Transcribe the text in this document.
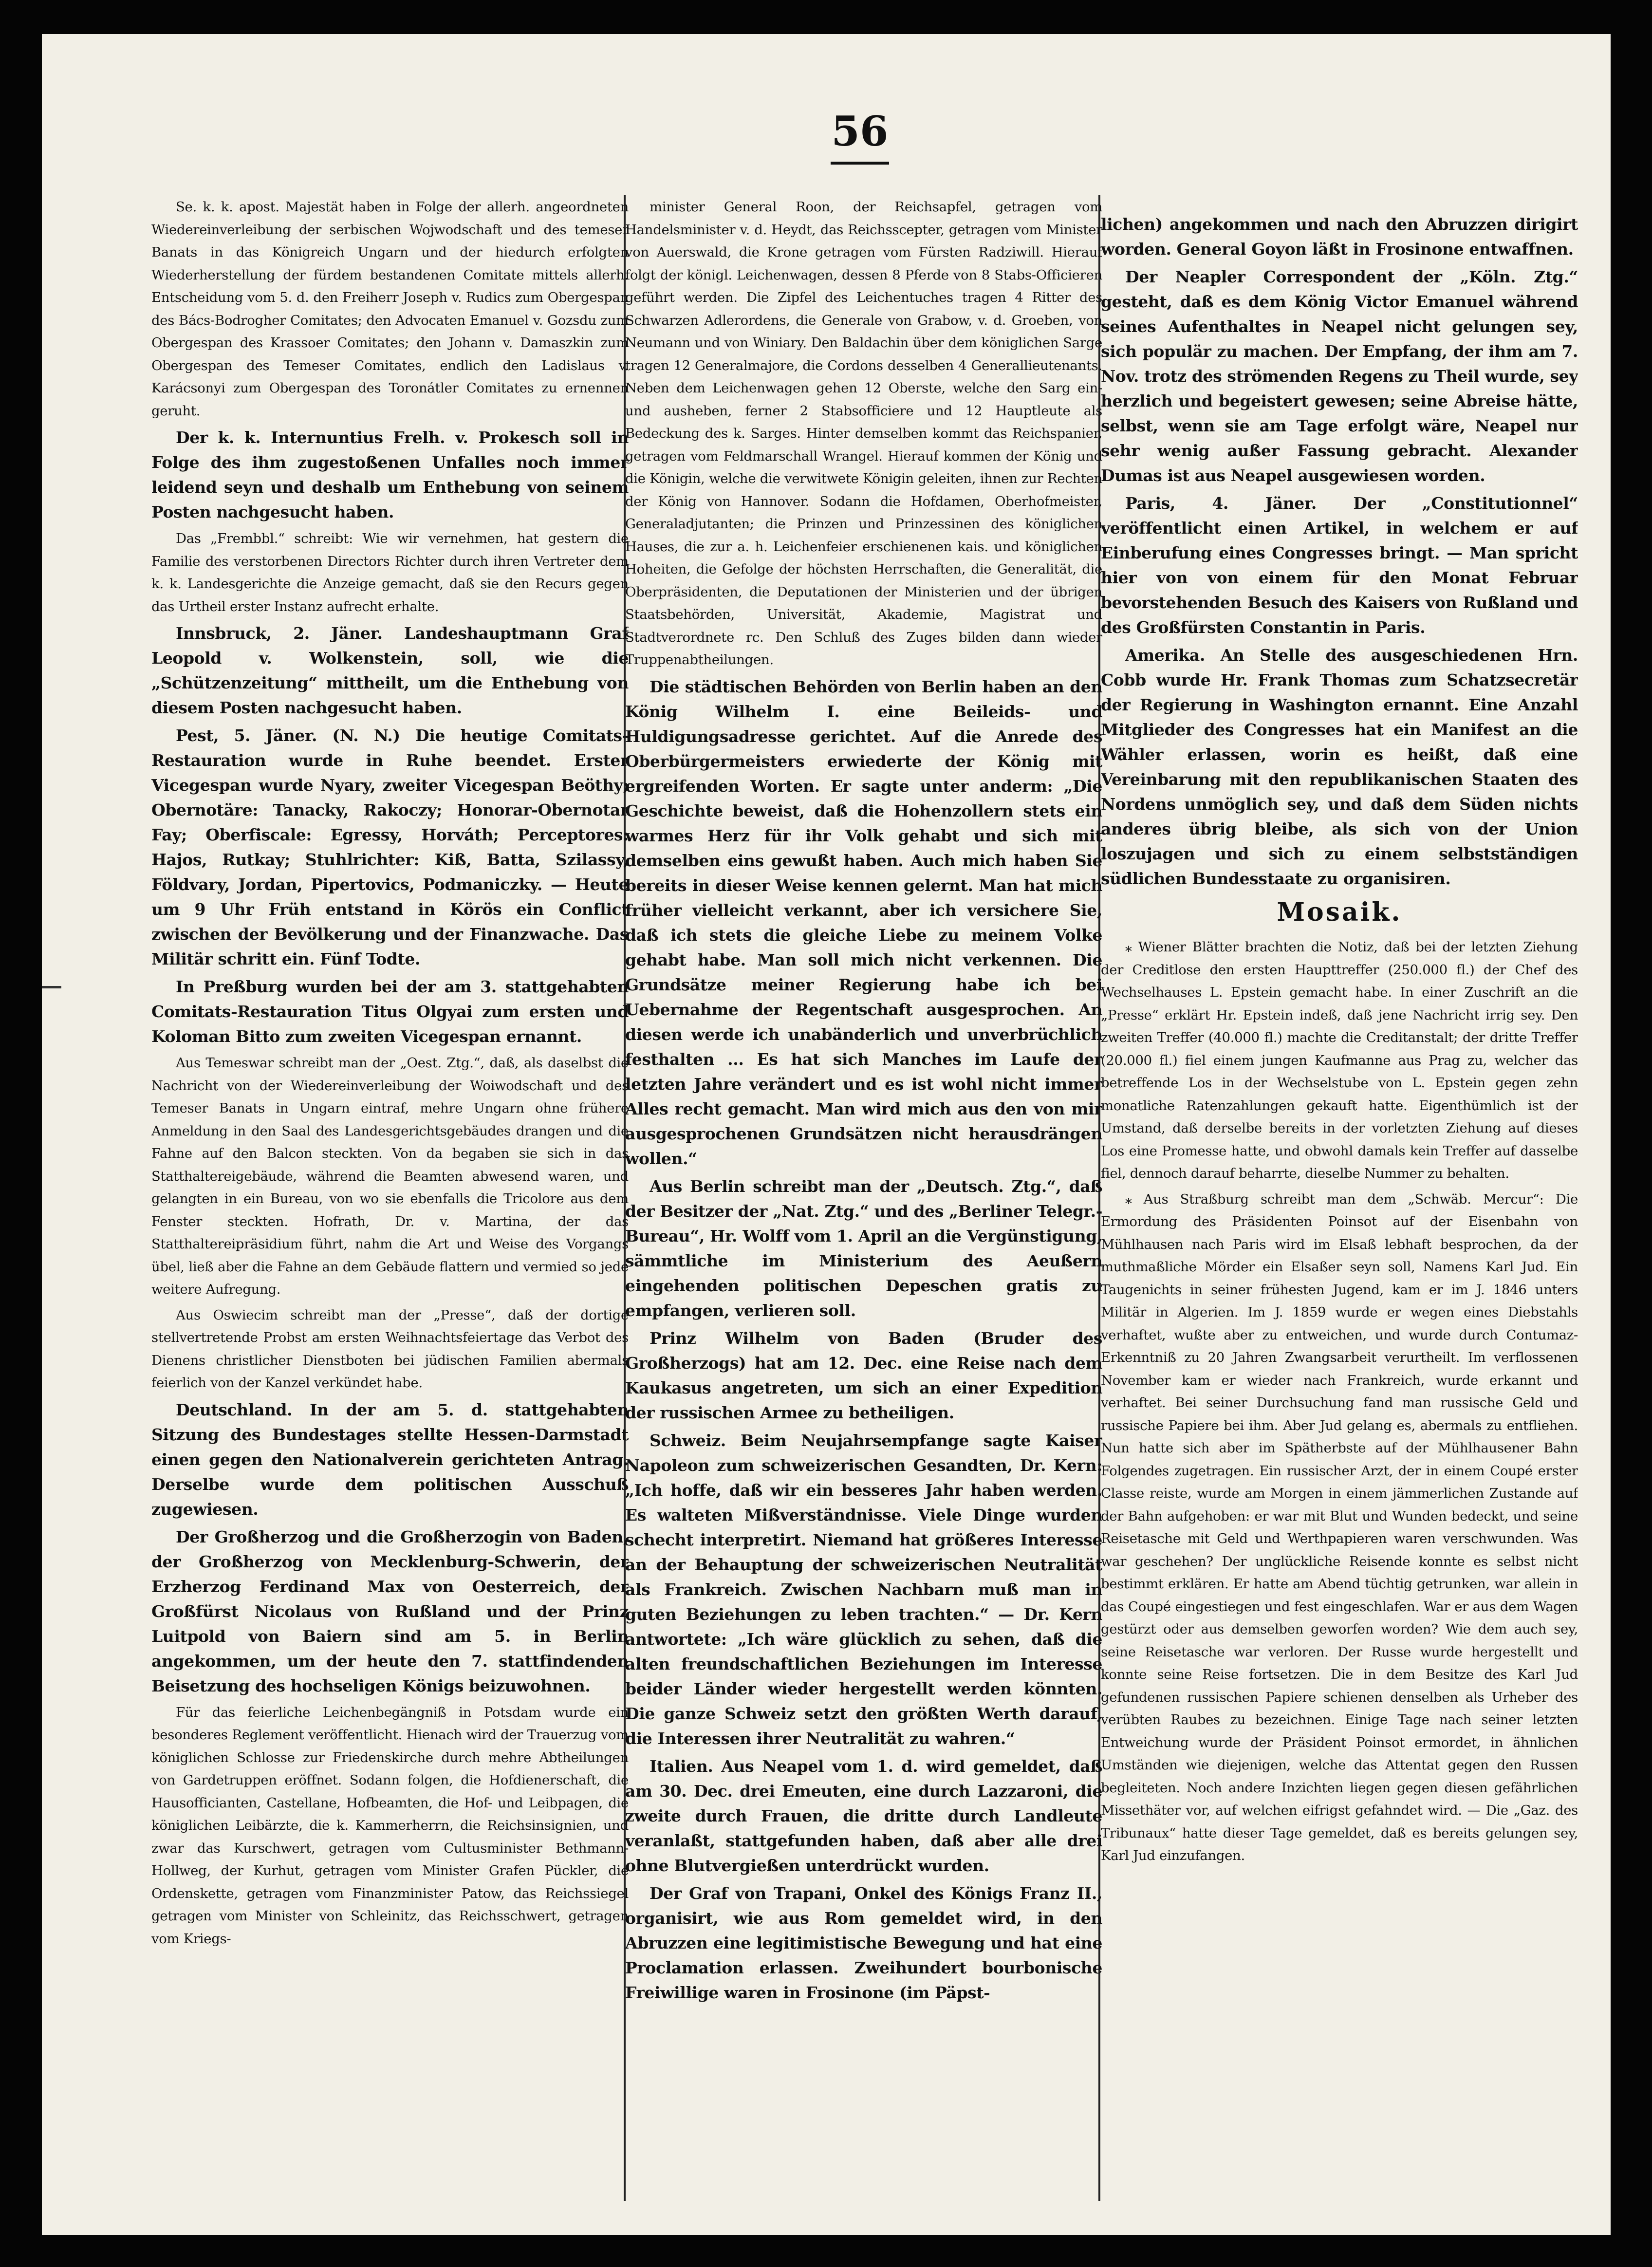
56

Se. k. k. apost. Majestät haben in Folge der allerh. angeordneten Wiedereinverleibung der serbischen Wojwodschaft und des temeser Banats in das Königreich Ungarn und der hiedurch erfolgten Wiederherstellung der fürdem bestandenen Comitate mittels allerh. Entscheidung vom 5. d. den Freiherr Joseph v. Rudics zum Obergespan des Bács-Bodrogher Comitates; den Advocaten Emanuel v. Gozsdu zum Obergespan des Krassoer Comitates; den Johann v. Damaszkin zum Obergespan des Temeser Comitates, endlich den Ladislaus v. Karácsonyi zum Obergespan des Toronátler Comitates zu ernennen geruht.

Der k. k. Internuntius Frelh. v. Prokesch soll in Folge des ihm zugestoßenen Unfalles noch immer leidend seyn und deshalb um Enthebung von seinem Posten nachgesucht haben.

Das „Frembbl.“ schreibt: Wie wir vernehmen, hat gestern die Familie des verstorbenen Directors Richter durch ihren Vertreter dem k. k. Landesgerichte die Anzeige gemacht, daß sie den Recurs gegen das Urtheil erster Instanz aufrecht erhalte.

Innsbruck, 2. Jäner. Landeshauptmann Graf Leopold v. Wolkenstein, soll, wie die „Schützenzeitung“ mittheilt, um die Enthebung von diesem Posten nachgesucht haben.

Pest, 5. Jäner. (N. N.) Die heutige Comitats-Restauration wurde in Ruhe beendet. Erster Vicegespan wurde Nyary, zweiter Vicegespan Beöthy; Obernotäre: Tanacky, Rakoczy; Honorar-Obernotar Fay; Oberfiscale: Egressy, Horváth; Perceptores: Hajos, Rutkay; Stuhlrichter: Kiß, Batta, Szilassy, Földvary, Jordan, Pipertovics, Podmaniczky. — Heute um 9 Uhr Früh entstand in Körös ein Conflict zwischen der Bevölkerung und der Finanzwache. Das Militär schritt ein. Fünf Todte.

In Preßburg wurden bei der am 3. stattgehabten Comitats-Restauration Titus Olgyai zum ersten und Koloman Bitto zum zweiten Vicegespan ernannt.

Aus Temeswar schreibt man der „Oest. Ztg.“, daß, als daselbst die Nachricht von der Wiedereinverleibung der Woiwodschaft und des Temeser Banats in Ungarn eintraf, mehre Ungarn ohne frühere Anmeldung in den Saal des Landesgerichtsgebäudes drangen und die Fahne auf den Balcon steckten. Von da begaben sie sich in das Statthaltereigebäude, während die Beamten abwesend waren, und gelangten in ein Bureau, von wo sie ebenfalls die Tricolore aus dem Fenster steckten. Hofrath, Dr. v. Martina, der das Statthaltereipräsidium führt, nahm die Art und Weise des Vorgangs übel, ließ aber die Fahne an dem Gebäude flattern und vermied so jede weitere Aufregung.

Aus Oswiecim schreibt man der „Presse“, daß der dortige stellvertretende Probst am ersten Weihnachtsfeiertage das Verbot des Dienens christlicher Dienstboten bei jüdischen Familien abermals feierlich von der Kanzel verkündet habe.

Deutschland. In der am 5. d. stattgehabten Sitzung des Bundestages stellte Hessen-Darmstadt einen gegen den Nationalverein gerichteten Antrag. Derselbe wurde dem politischen Ausschuß zugewiesen.

Der Großherzog und die Großherzogin von Baden, der Großherzog von Mecklenburg-Schwerin, der Erzherzog Ferdinand Max von Oesterreich, der Großfürst Nicolaus von Rußland und der Prinz Luitpold von Baiern sind am 5. in Berlin angekommen, um der heute den 7. stattfindenden Beisetzung des hochseligen Königs beizuwohnen.

Für das feierliche Leichenbegängniß in Potsdam wurde ein besonderes Reglement veröffentlicht. Hienach wird der Trauerzug vom königlichen Schlosse zur Friedenskirche durch mehre Abtheilungen von Gardetruppen eröffnet. Sodann folgen, die Hofdienerschaft, die Hausofficianten, Castellane, Hofbeamten, die Hof- und Leibpagen, die königlichen Leibärzte, die k. Kammerherrn, die Reichsinsignien, und zwar das Kurschwert, getragen vom Cultusminister Bethmann-Hollweg, der Kurhut, getragen vom Minister Grafen Pückler, die Ordenskette, getragen vom Finanzminister Patow, das Reichssiegel getragen vom Minister von Schleinitz, das Reichsschwert, getragen vom Kriegs-

minister General Roon, der Reichsapfel, getragen vom Handelsminister v. d. Heydt, das Reichsscepter, getragen vom Minister von Auerswald, die Krone getragen vom Fürsten Radziwill. Hierauf folgt der königl. Leichenwagen, dessen 8 Pferde von 8 Stabs-Officieren geführt werden. Die Zipfel des Leichentuches tragen 4 Ritter des Schwarzen Adlerordens, die Generale von Grabow, v. d. Groeben, von Neumann und von Winiary. Den Baldachin über dem königlichen Sarge tragen 12 Generalmajore, die Cordons desselben 4 Generallieutenants. Neben dem Leichenwagen gehen 12 Oberste, welche den Sarg ein- und ausheben, ferner 2 Stabsofficiere und 12 Hauptleute als Bedeckung des k. Sarges. Hinter demselben kommt das Reichspanier, getragen vom Feldmarschall Wrangel. Hierauf kommen der König und die Königin, welche die verwitwete Königin geleiten, ihnen zur Rechten der König von Hannover. Sodann die Hofdamen, Oberhofmeister, Generaladjutanten; die Prinzen und Prinzessinen des königlichen Hauses, die zur a. h. Leichenfeier erschienenen kais. und königlichen Hoheiten, die Gefolge der höchsten Herrschaften, die Generalität, die Oberpräsidenten, die Deputationen der Ministerien und der übrigen Staatsbehörden, Universität, Akademie, Magistrat und Stadtverordnete rc. Den Schluß des Zuges bilden dann wieder Truppenabtheilungen.

Die städtischen Behörden von Berlin haben an den König Wilhelm I. eine Beileids- und Huldigungsadresse gerichtet. Auf die Anrede des Oberbürgermeisters erwiederte der König mit ergreifenden Worten. Er sagte unter anderm: „Die Geschichte beweist, daß die Hohenzollern stets ein warmes Herz für ihr Volk gehabt und sich mit demselben eins gewußt haben. Auch mich haben Sie bereits in dieser Weise kennen gelernt. Man hat mich früher vielleicht verkannt, aber ich versichere Sie, daß ich stets die gleiche Liebe zu meinem Volke gehabt habe. Man soll mich nicht verkennen. Die Grundsätze meiner Regierung habe ich bei Uebernahme der Regentschaft ausgesprochen. An diesen werde ich unabänderlich und unverbrüchlich festhalten ... Es hat sich Manches im Laufe der letzten Jahre verändert und es ist wohl nicht immer Alles recht gemacht. Man wird mich aus den von mir ausgesprochenen Grundsätzen nicht herausdrängen wollen.“

Aus Berlin schreibt man der „Deutsch. Ztg.“, daß der Besitzer der „Nat. Ztg.“ und des „Berliner Telegr.-Bureau“, Hr. Wolff vom 1. April an die Vergünstigung, sämmtliche im Ministerium des Aeußern eingehenden politischen Depeschen gratis zu empfangen, verlieren soll.

Prinz Wilhelm von Baden (Bruder des Großherzogs) hat am 12. Dec. eine Reise nach dem Kaukasus angetreten, um sich an einer Expedition der russischen Armee zu betheiligen.

Schweiz. Beim Neujahrsempfange sagte Kaiser Napoleon zum schweizerischen Gesandten, Dr. Kern: „Ich hoffe, daß wir ein besseres Jahr haben werden. Es walteten Mißverständnisse. Viele Dinge wurden schecht interpretirt. Niemand hat größeres Interesse an der Behauptung der schweizerischen Neutralität als Frankreich. Zwischen Nachbarn muß man in guten Beziehungen zu leben trachten.“ — Dr. Kern antwortete: „Ich wäre glücklich zu sehen, daß die alten freundschaftlichen Beziehungen im Interesse beider Länder wieder hergestellt werden könnten. Die ganze Schweiz setzt den größten Werth darauf, die Interessen ihrer Neutralität zu wahren.“

Italien. Aus Neapel vom 1. d. wird gemeldet, daß am 30. Dec. drei Emeuten, eine durch Lazzaroni, die zweite durch Frauen, die dritte durch Landleute veranlaßt, stattgefunden haben, daß aber alle drei ohne Blutvergießen unterdrückt wurden.

Der Graf von Trapani, Onkel des Königs Franz II., organisirt, wie aus Rom gemeldet wird, in den Abruzzen eine legitimistische Bewegung und hat eine Proclamation erlassen. Zweihundert bourbonische Freiwillige waren in Frosinone (im Päpst-

lichen) angekommen und nach den Abruzzen dirigirt worden. General Goyon läßt in Frosinone entwaffnen.

Der Neapler Correspondent der „Köln. Ztg.“ gesteht, daß es dem König Victor Emanuel während seines Aufenthaltes in Neapel nicht gelungen sey, sich populär zu machen. Der Empfang, der ihm am 7. Nov. trotz des strömenden Regens zu Theil wurde, sey herzlich und begeistert gewesen; seine Abreise hätte, selbst, wenn sie am Tage erfolgt wäre, Neapel nur sehr wenig außer Fassung gebracht. Alexander Dumas ist aus Neapel ausgewiesen worden.

Paris, 4. Jäner. Der „Constitutionnel“ veröffentlicht einen Artikel, in welchem er auf Einberufung eines Congresses bringt. — Man spricht hier von von einem für den Monat Februar bevorstehenden Besuch des Kaisers von Rußland und des Großfürsten Constantin in Paris.

Amerika. An Stelle des ausgeschiedenen Hrn. Cobb wurde Hr. Frank Thomas zum Schatzsecretär der Regierung in Washington ernannt. Eine Anzahl Mitglieder des Congresses hat ein Manifest an die Wähler erlassen, worin es heißt, daß eine Vereinbarung mit den republikanischen Staaten des Nordens unmöglich sey, und daß dem Süden nichts anderes übrig bleibe, als sich von der Union loszujagen und sich zu einem selbstständigen südlichen Bundesstaate zu organisiren.

Mosaik.

⁎ Wiener Blätter brachten die Notiz, daß bei der letzten Ziehung der Creditlose den ersten Haupttreffer (250.000 fl.) der Chef des Wechselhauses L. Epstein gemacht habe. In einer Zuschrift an die „Presse“ erklärt Hr. Epstein indeß, daß jene Nachricht irrig sey. Den zweiten Treffer (40.000 fl.) machte die Creditanstalt; der dritte Treffer (20.000 fl.) fiel einem jungen Kaufmanne aus Prag zu, welcher das betreffende Los in der Wechselstube von L. Epstein gegen zehn monatliche Ratenzahlungen gekauft hatte. Eigenthümlich ist der Umstand, daß derselbe bereits in der vorletzten Ziehung auf dieses Los eine Promesse hatte, und obwohl damals kein Treffer auf dasselbe fiel, dennoch darauf beharrte, dieselbe Nummer zu behalten.

⁎ Aus Straßburg schreibt man dem „Schwäb. Mercur“: Die Ermordung des Präsidenten Poinsot auf der Eisenbahn von Mühlhausen nach Paris wird im Elsaß lebhaft besprochen, da der muthmaßliche Mörder ein Elsaßer seyn soll, Namens Karl Jud. Ein Taugenichts in seiner frühesten Jugend, kam er im J. 1846 unters Militär in Algerien. Im J. 1859 wurde er wegen eines Diebstahls verhaftet, wußte aber zu entweichen, und wurde durch Contumaz-Erkenntniß zu 20 Jahren Zwangsarbeit verurtheilt. Im verflossenen November kam er wieder nach Frankreich, wurde erkannt und verhaftet. Bei seiner Durchsuchung fand man russische Geld und russische Papiere bei ihm. Aber Jud gelang es, abermals zu entfliehen. Nun hatte sich aber im Spätherbste auf der Mühlhausener Bahn Folgendes zugetragen. Ein russischer Arzt, der in einem Coupé erster Classe reiste, wurde am Morgen in einem jämmerlichen Zustande auf der Bahn aufgehoben: er war mit Blut und Wunden bedeckt, und seine Reisetasche mit Geld und Werthpapieren waren verschwunden. Was war geschehen? Der unglückliche Reisende konnte es selbst nicht bestimmt erklären. Er hatte am Abend tüchtig getrunken, war allein in das Coupé eingestiegen und fest eingeschlafen. War er aus dem Wagen gestürzt oder aus demselben geworfen worden? Wie dem auch sey, seine Reisetasche war verloren. Der Russe wurde hergestellt und konnte seine Reise fortsetzen. Die in dem Besitze des Karl Jud gefundenen russischen Papiere schienen denselben als Urheber des verübten Raubes zu bezeichnen. Einige Tage nach seiner letzten Entweichung wurde der Präsident Poinsot ermordet, in ähnlichen Umständen wie diejenigen, welche das Attentat gegen den Russen begleiteten. Noch andere Inzichten liegen gegen diesen gefährlichen Missethäter vor, auf welchen eifrigst gefahndet wird. — Die „Gaz. des Tribunaux“ hatte dieser Tage gemeldet, daß es bereits gelungen sey, Karl Jud einzufangen.
